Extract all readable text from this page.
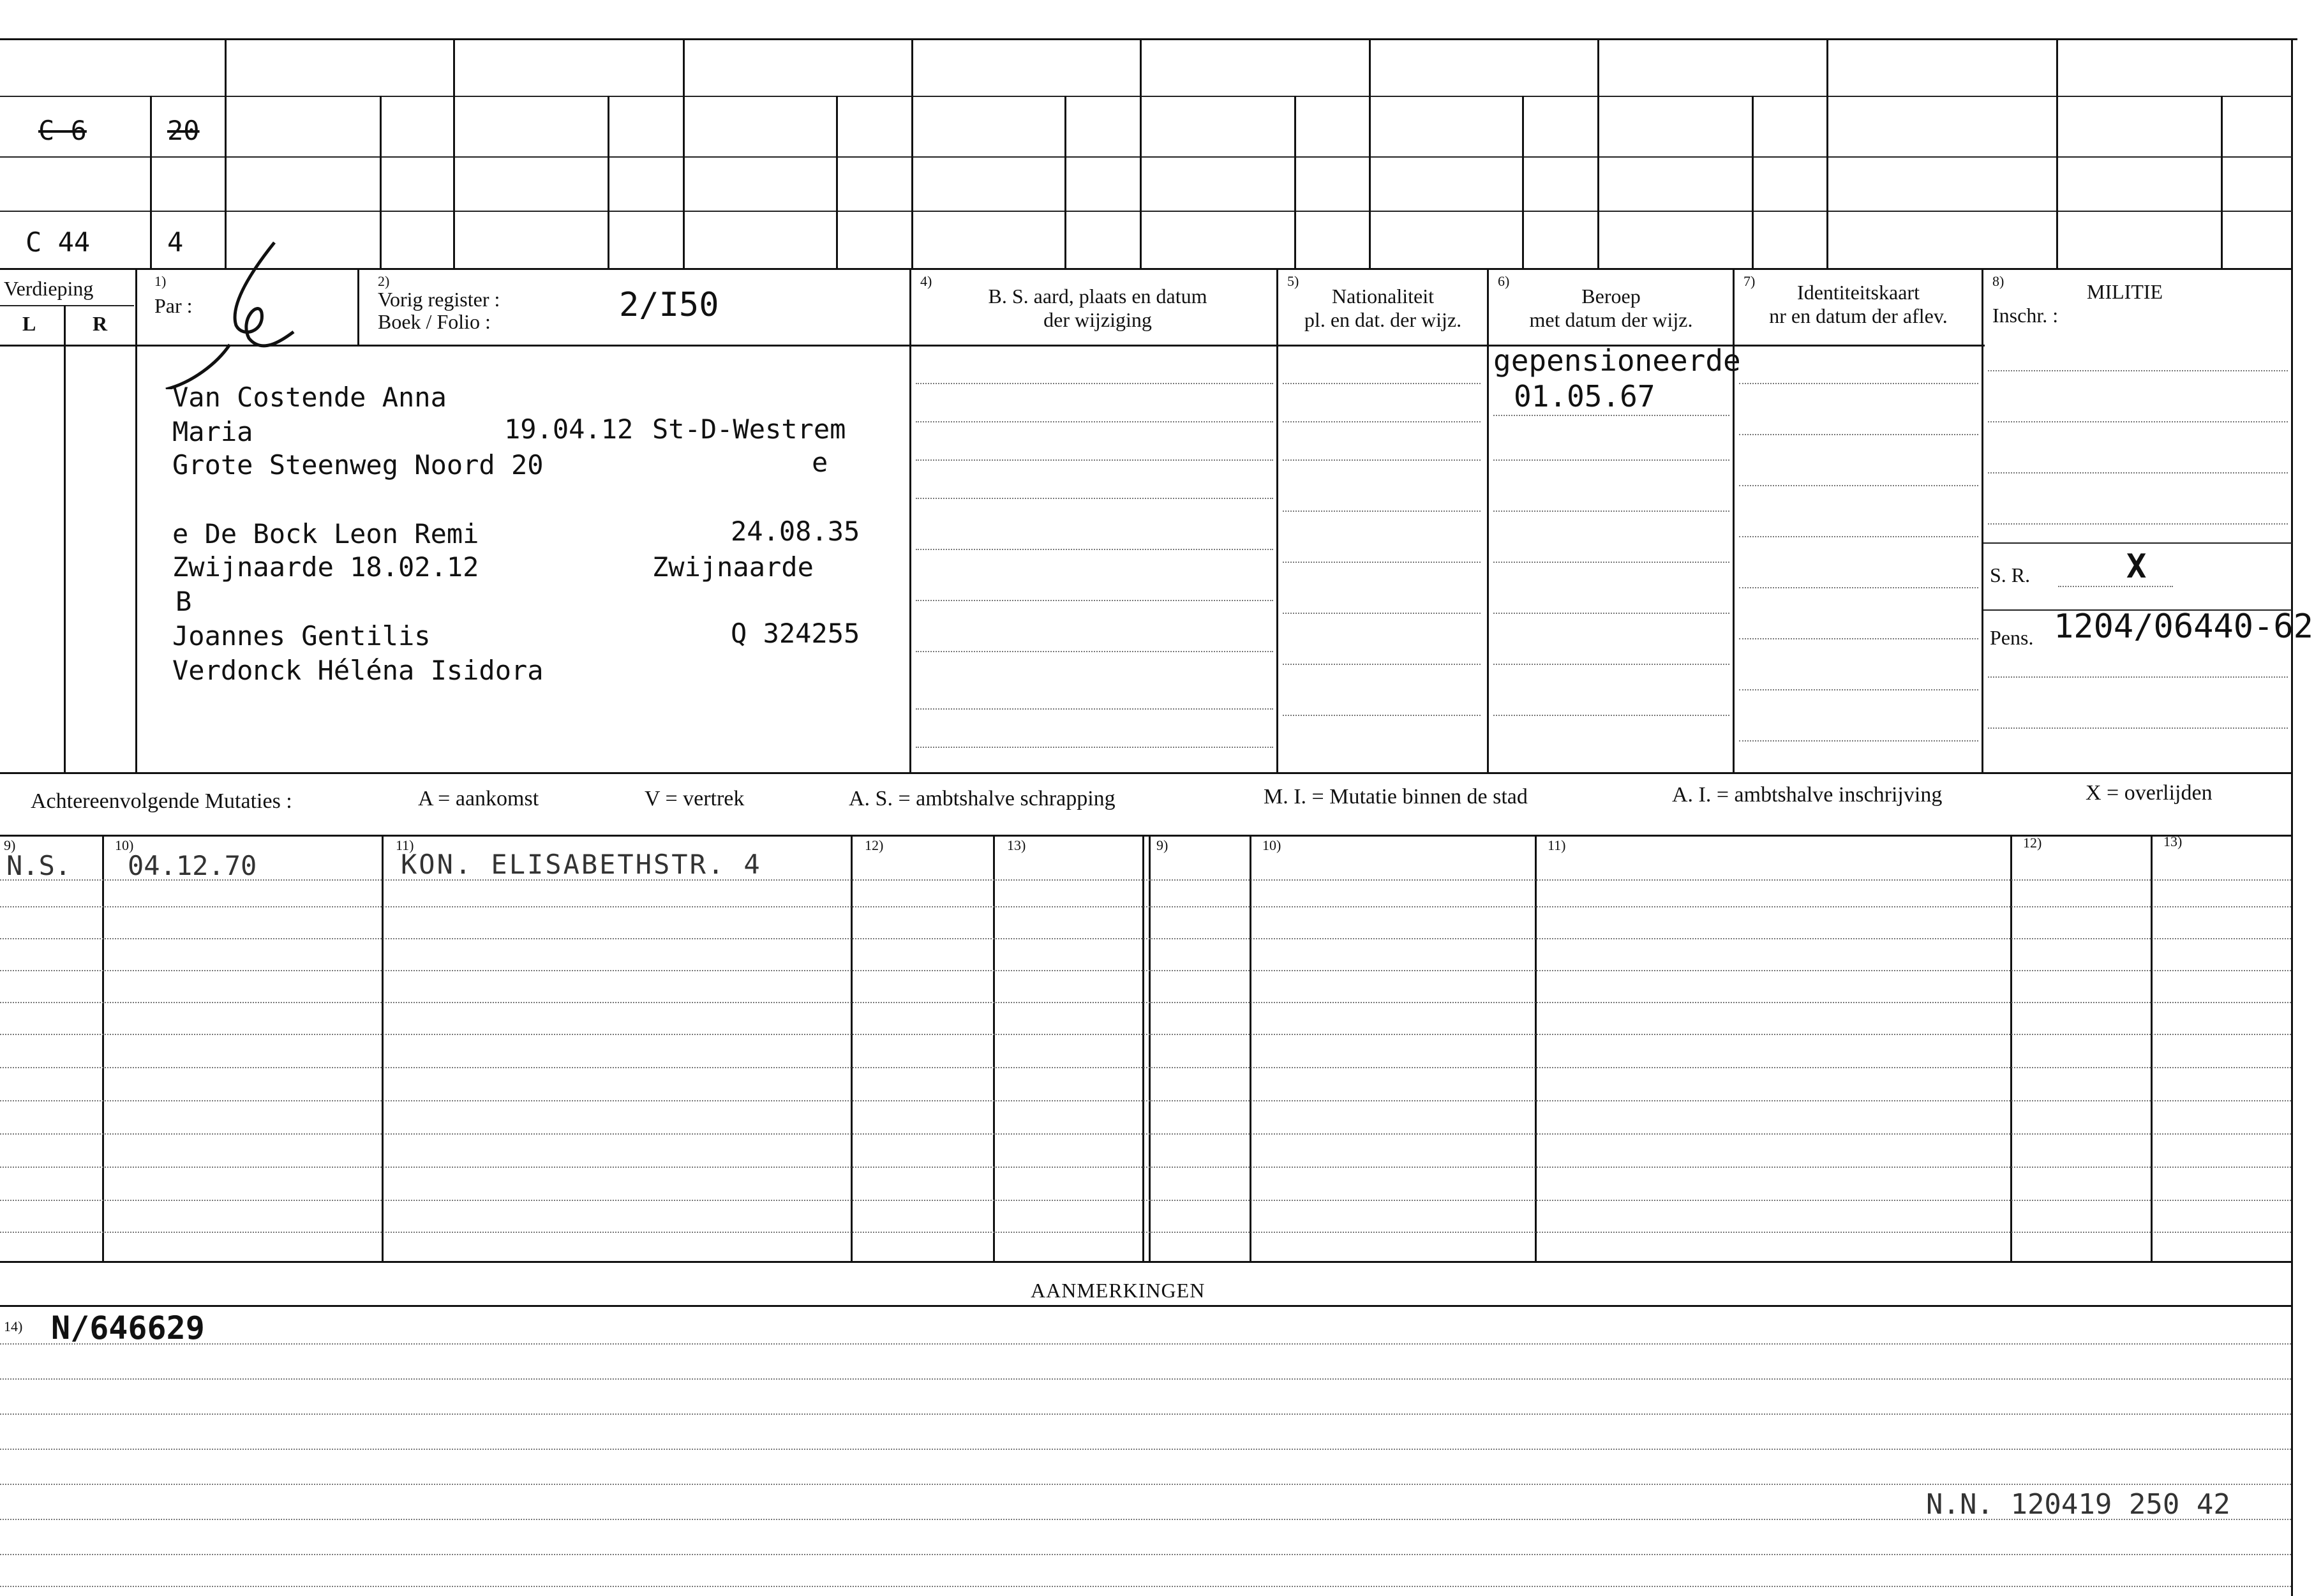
C 6	20
C 44	4
Verdieping
L	R
1)
Par :
2)
Vorig register :
Boek / Folio :	2/I50
4)
B. S. aard, plaats en datum
der wijziging
5)
Nationaliteit
pl. en dat. der wijz.
6)
Beroep
met datum der wijz.
7)	Identiteitskaart
nr en datum der aflev.
8)	MILITIE
Inschr. :
Van Costende Anna
Maria	19.04.12 St-D-Westrem
Grote Steenweg Noord 20	e
e De Bock Leon Remi	24.08.35
Zwijnaarde 18.02.12	Zwijnaarde
B
Joannes Gentilis	Q 324255
Verdonck Héléna Isidora
gepensioneerde
01.05.67
S. R.	X
Pens. 1204/06440-62
Achtereenvolgende Mutaties :	A = aankomst	V = vertrek	A. S. = ambtshalve schrapping	M. I. = Mutatie binnen de stad	A. I. = ambtshalve inschrijving	X = overlijden
9)	10)	11)	12)	13)	9)	10)	11)	12)	13)
N.S. 04.12.70	KON. ELISABETHSTR. 4
AANMERKINGEN
14) N/646629
N.N. 120419 250 42
